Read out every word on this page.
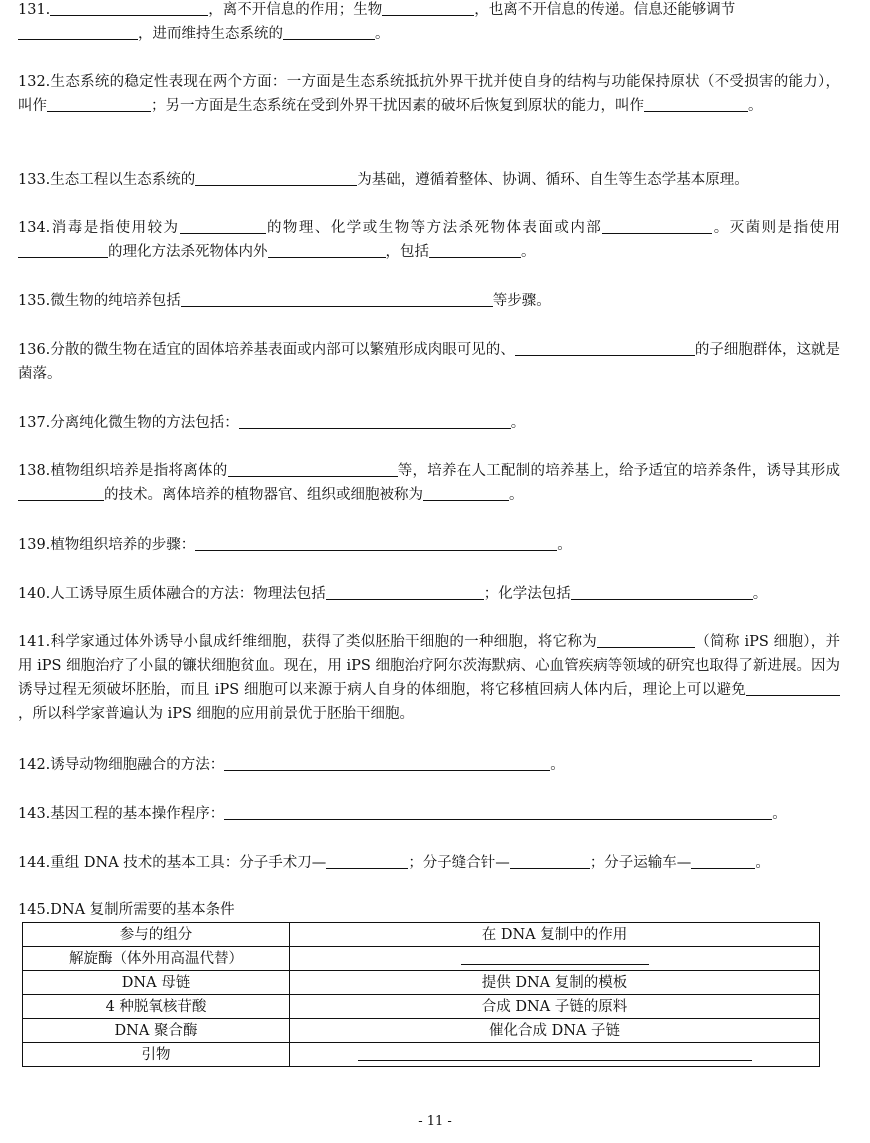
131.	，离不开信息的作用；生物	，也离不开信息的传递。信息还能够调节
，进而维持生态系统的	。
132.生态系统的稳定性表现在两个方面：一方面是生态系统抵抗外界干扰并使自身的结构与功能保持原状（不受损害的能力），叫作	；另一方面是生态系统在受到外界干扰因素的破坏后恢复到原状的能力，叫作	。
133.生态工程以生态系统的	为基础，遵循着整体、协调、循环、自生等生态学基本原理。
134.消毒是指使用较为	的物理、化学或生物等方法杀死物体表面或内部	。灭菌则是指使用的理化方法杀死物体内外	，包括	。
135.微生物的纯培养包括	等步骤。
136.分散的微生物在适宜的固体培养基表面或内部可以繁殖形成肉眼可见的、	的子细胞群体，这就是菌落。
137.分离纯化微生物的方法包括：	。
138.植物组织培养是指将离体的	等，培养在人工配制的培养基上，给予适宜的培养条件，诱导其形成的技术。离体培养的植物器官、组织或细胞被称为	。
139.植物组织培养的步骤：	。
140.人工诱导原生质体融合的方法：物理法包括	；化学法包括	。
141.科学家通过体外诱导小鼠成纤维细胞，获得了类似胚胎干细胞的一种细胞，将它称为	（简称 iPS 细胞），并用 iPS 细胞治疗了小鼠的镰状细胞贫血。现在，用 iPS 细胞治疗阿尔茨海默病、心血管疾病等领域的研究也取得了新进展。因为诱导过程无须破坏胚胎，而且 iPS 细胞可以来源于病人自身的体细胞，将它移植回病人体内后，理论上可以避免，所以科学家普遍认为 iPS 细胞的应用前景优于胚胎干细胞。
142.诱导动物细胞融合的方法：	。
143.基因工程的基本操作程序：	。
144.重组 DNA 技术的基本工具：分子手术刀—	；分子缝合针—	；分子运输车—	。
145.DNA 复制所需要的基本条件
参与的组分	在 DNA 复制中的作用
解旋酶（体外用高温代替）	
DNA 母链	提供 DNA 复制的模板
4 种脱氧核苷酸	合成 DNA 子链的原料
DNA 聚合酶	催化合成 DNA 子链
引物	
- 11 -
